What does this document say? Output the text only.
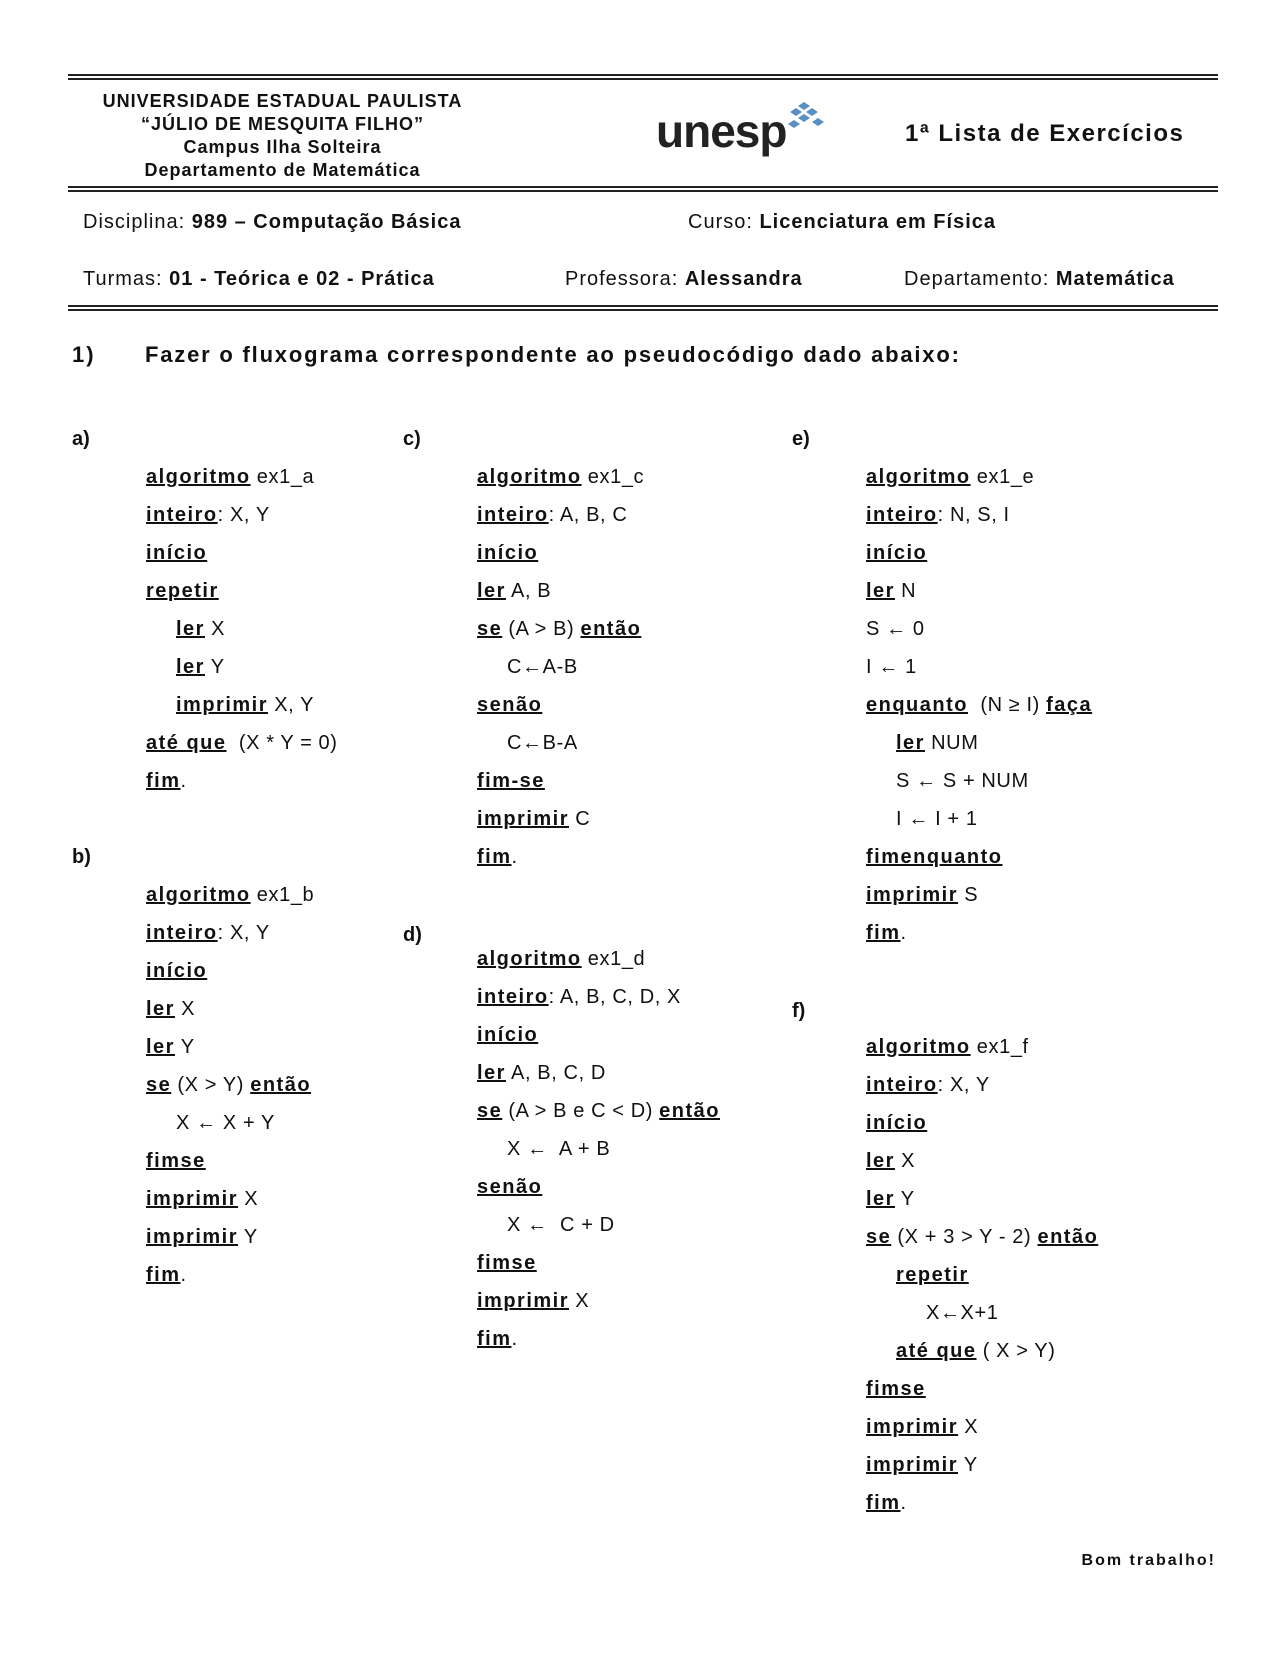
UNIVERSIDADE ESTADUAL PAULISTA
“JÚLIO DE MESQUITA FILHO”
Campus Ilha Solteira
Departamento de Matemática
unesp	1ª Lista de Exercícios
Disciplina: 989 – Computação Básica	Curso: Licenciatura em Física
Turmas: 01 - Teórica e 02 - Prática	Professora: Alessandra	Departamento: Matemática
1) Fazer o fluxograma correspondente ao pseudocódigo dado abaixo:
a)
algoritmo ex1_a
inteiro: X, Y
início
repetir
ler X
ler Y
imprimir X, Y
até que  (X * Y = 0)
fim.
b)
algoritmo ex1_b
inteiro: X, Y
início
ler X
ler Y
se (X > Y) então
X ← X + Y
fimse
imprimir X
imprimir Y
fim.
c)
algoritmo ex1_c
inteiro: A, B, C
início
ler A, B
se (A > B) então
C←A-B
senão
C←B-A
fim-se
imprimir C
fim.
d)
algoritmo ex1_d
inteiro: A, B, C, D, X
início
ler A, B, C, D
se (A > B e C < D) então
X ←  A + B
senão
X ←  C + D
fimse
imprimir X
fim.
e)
algoritmo ex1_e
inteiro: N, S, I
início
ler N
S ← 0
I ← 1
enquanto  (N ≥ I) faça
ler NUM
S ← S + NUM
I ← I + 1
fimenquanto
imprimir S
fim.
f)
algoritmo ex1_f
inteiro: X, Y
início
ler X
ler Y
se (X + 3 > Y - 2) então
repetir
X←X+1
até que ( X > Y)
fimse
imprimir X
imprimir Y
fim.
Bom trabalho!
